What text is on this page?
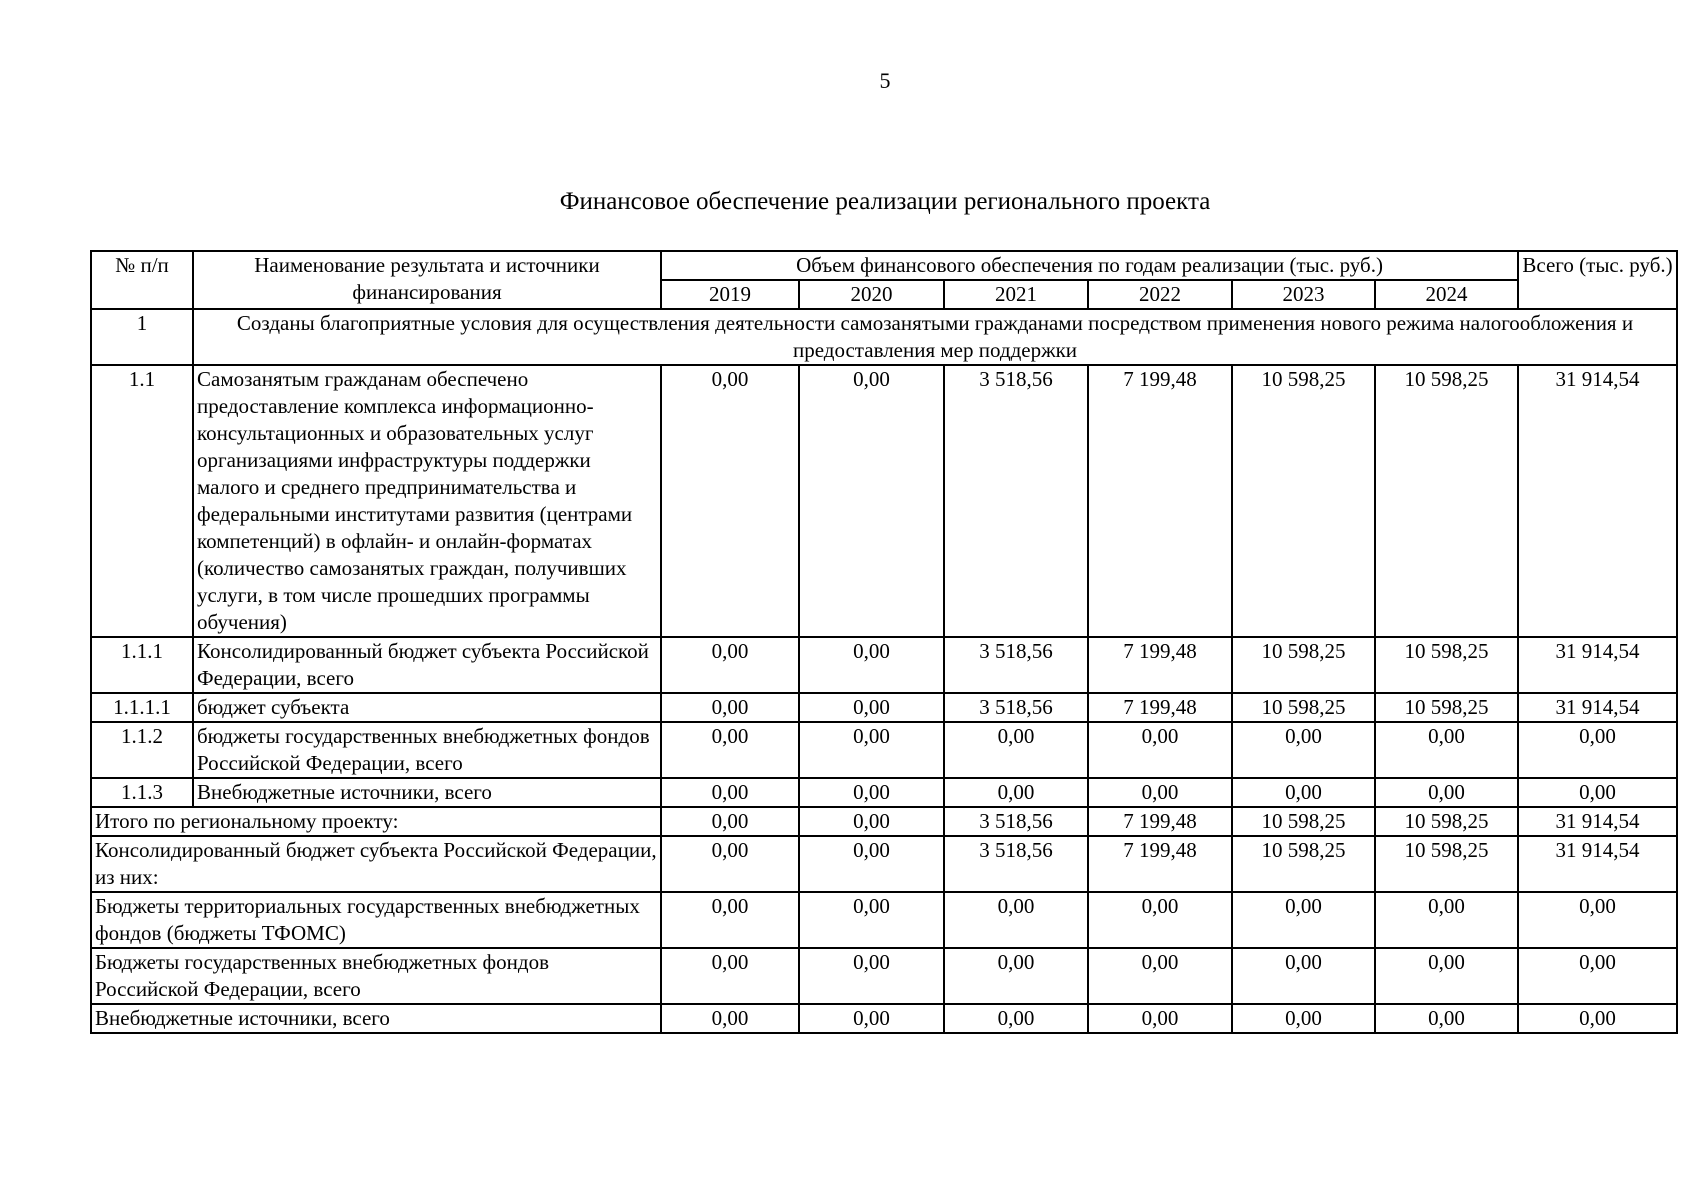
5
Финансовое обеспечение реализации регионального проекта
№ п/п	Наименование результата и источники финансирования	Объем финансового обеспечения по годам реализации (тыс. руб.)						Всего (тыс. руб.)
		2019	2020	2021	2022	2023	2024	
1	Созданы благоприятные условия для осуществления деятельности самозанятыми гражданами посредством применения нового режима налогообложения и предоставления мер поддержки							
1.1	Самозанятым гражданам обеспечено предоставление комплекса информационно-консультационных и образовательных услуг организациями инфраструктуры поддержки малого и среднего предпринимательства и федеральными институтами развития (центрами компетенций) в офлайн- и онлайн-форматах (количество самозанятых граждан, получивших услуги, в том числе прошедших программы обучения)	0,00	0,00	3 518,56	7 199,48	10 598,25	10 598,25	31 914,54
1.1.1	Консолидированный бюджет субъекта Российской Федерации, всего	0,00	0,00	3 518,56	7 199,48	10 598,25	10 598,25	31 914,54
1.1.1.1	бюджет субъекта	0,00	0,00	3 518,56	7 199,48	10 598,25	10 598,25	31 914,54
1.1.2	бюджеты государственных внебюджетных фондов Российской Федерации, всего	0,00	0,00	0,00	0,00	0,00	0,00	0,00
1.1.3	Внебюджетные источники, всего	0,00	0,00	0,00	0,00	0,00	0,00	0,00
Итого по региональному проекту:		0,00	0,00	3 518,56	7 199,48	10 598,25	10 598,25	31 914,54
Консолидированный бюджет субъекта Российской Федерации, из них:		0,00	0,00	3 518,56	7 199,48	10 598,25	10 598,25	31 914,54
Бюджеты территориальных государственных внебюджетных фондов (бюджеты ТФОМС)		0,00	0,00	0,00	0,00	0,00	0,00	0,00
Бюджеты государственных внебюджетных фондов Российской Федерации, всего		0,00	0,00	0,00	0,00	0,00	0,00	0,00
Внебюджетные источники, всего		0,00	0,00	0,00	0,00	0,00	0,00	0,00
